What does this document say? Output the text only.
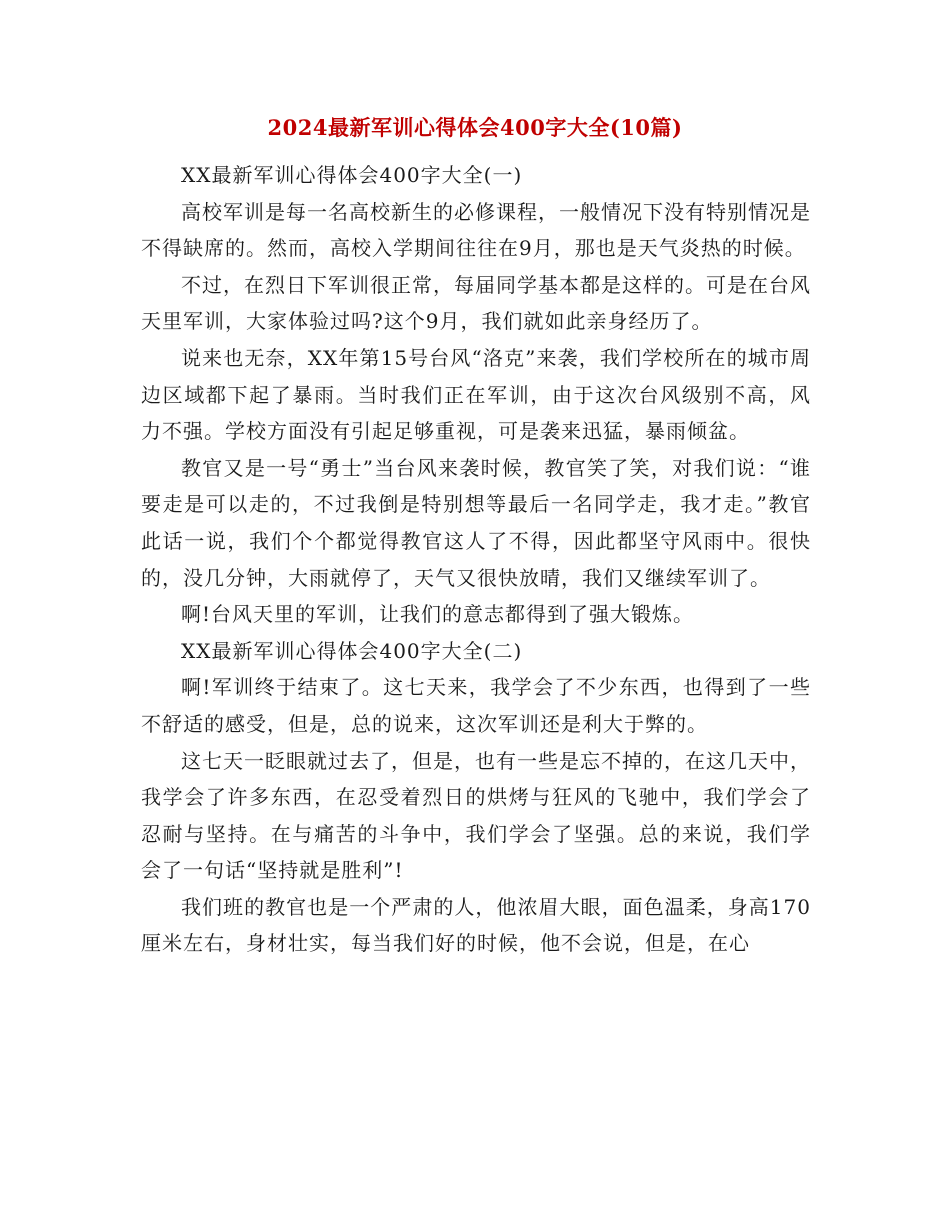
2024最新军训心得体会400字大全(10篇)

XX最新军训心得体会400字大全(一)

高校军训是每一名高校新生的必修课程，一般情况下没有特别情况是不得缺席的。然而，高校入学期间往往在9月，那也是天气炎热的时候。

不过，在烈日下军训很正常，每届同学基本都是这样的。可是在台风天里军训，大家体验过吗?这个9月，我们就如此亲身经历了。

说来也无奈，XX年第15号台风“洛克”来袭，我们学校所在的城市周边区域都下起了暴雨。当时我们正在军训，由于这次台风级别不高，风力不强。学校方面没有引起足够重视，可是袭来迅猛，暴雨倾盆。

教官又是一号“勇士”当台风来袭时候，教官笑了笑，对我们说：“谁要走是可以走的，不过我倒是特别想等最后一名同学走，我才走。”教官此话一说，我们个个都觉得教官这人了不得，因此都坚守风雨中。很快的，没几分钟，大雨就停了，天气又很快放晴，我们又继续军训了。

啊!台风天里的军训，让我们的意志都得到了强大锻炼。

XX最新军训心得体会400字大全(二)

啊!军训终于结束了。这七天来，我学会了不少东西，也得到了一些不舒适的感受，但是，总的说来，这次军训还是利大于弊的。

这七天一眨眼就过去了，但是，也有一些是忘不掉的，在这几天中，我学会了许多东西，在忍受着烈日的烘烤与狂风的飞驰中，我们学会了忍耐与坚持。在与痛苦的斗争中，我们学会了坚强。总的来说，我们学会了一句话“坚持就是胜利”!

我们班的教官也是一个严肃的人，他浓眉大眼，面色温柔，身高170厘米左右，身材壮实，每当我们好的时候，他不会说，但是，在心
